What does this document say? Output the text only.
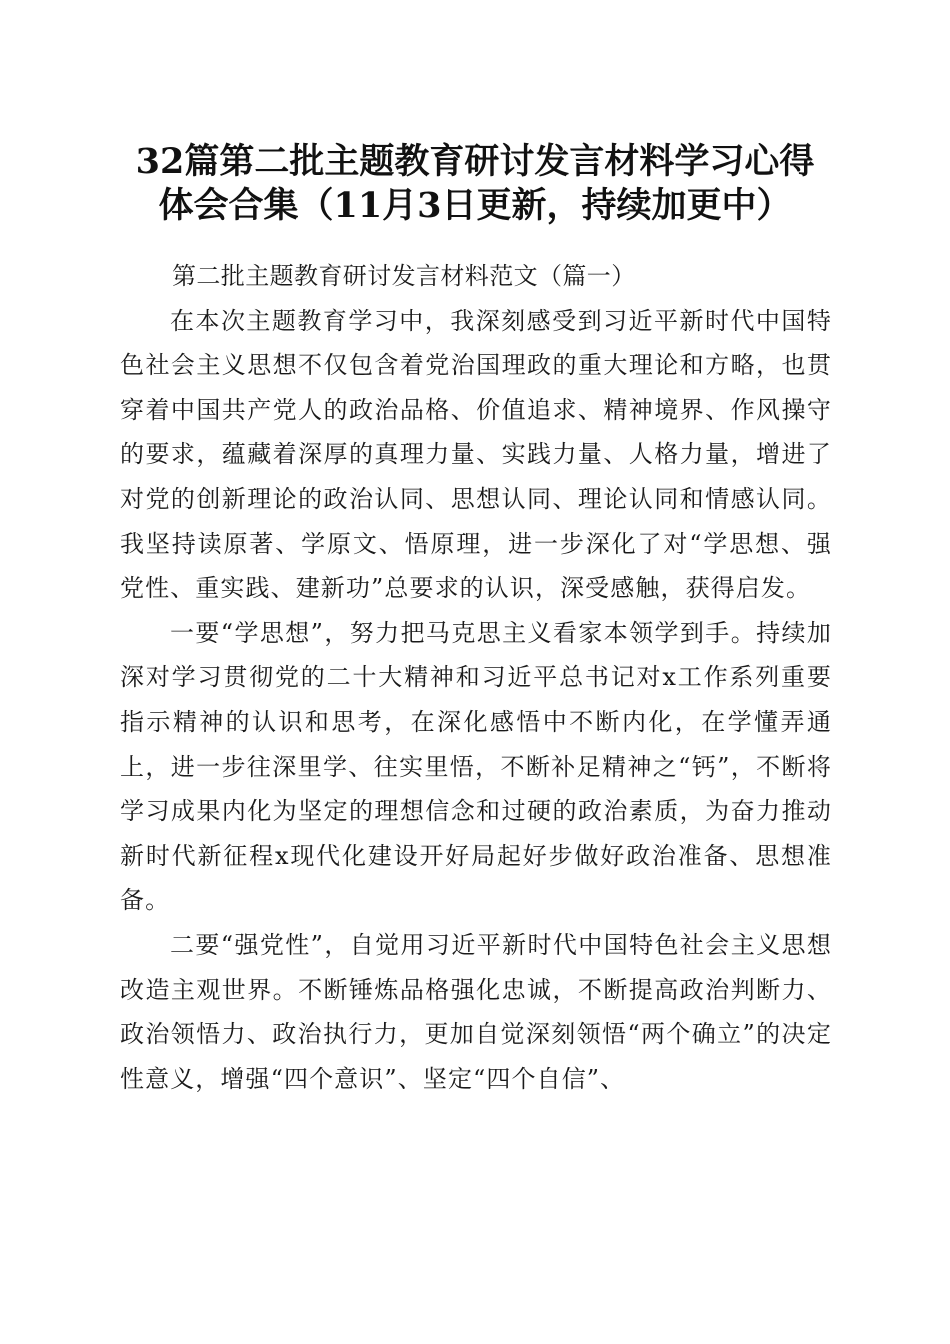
32篇第二批主题教育研讨发言材料学习心得
体会合集（11月3日更新，持续加更中）

第二批主题教育研讨发言材料范文（篇一）

在本次主题教育学习中，我深刻感受到习近平新时代中国特色社会主义思想不仅包含着党治国理政的重大理论和方略，也贯穿着中国共产党人的政治品格、价值追求、精神境界、作风操守的要求，蕴藏着深厚的真理力量、实践力量、人格力量，增进了对党的创新理论的政治认同、思想认同、理论认同和情感认同。我坚持读原著、学原文、悟原理，进一步深化了对“学思想、强党性、重实践、建新功”总要求的认识，深受感触，获得启发。

一要“学思想”，努力把马克思主义看家本领学到手。持续加深对学习贯彻党的二十大精神和习近平总书记对x工作系列重要指示精神的认识和思考，在深化感悟中不断内化，在学懂弄通上，进一步往深里学、往实里悟，不断补足精神之“钙”，不断将学习成果内化为坚定的理想信念和过硬的政治素质，为奋力推动新时代新征程x现代化建设开好局起好步做好政治准备、思想准备。

二要“强党性”，自觉用习近平新时代中国特色社会主义思想改造主观世界。不断锤炼品格强化忠诚，不断提高政治判断力、政治领悟力、政治执行力，更加自觉深刻领悟“两个确立”的决定性意义，增强“四个意识”、坚定“四个自信”、
